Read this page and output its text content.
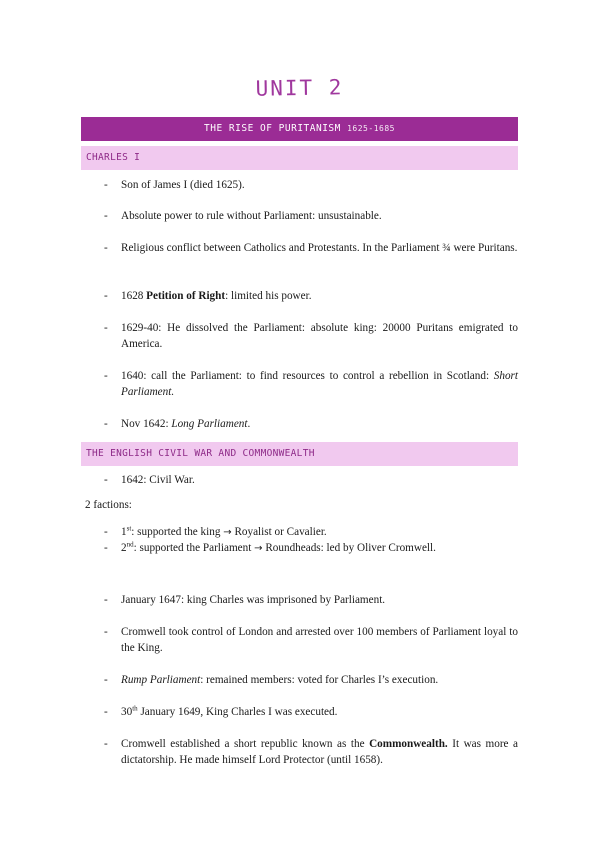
UNIT 2
THE RISE OF PURITANISM 1625-1685
CHARLES I
- Son of James I (died 1625).
- Absolute power to rule without Parliament: unsustainable.
- Religious conflict between Catholics and Protestants. In the Parliament ¾ were Puritans.
- 1628 Petition of Right: limited his power.
- 1629-40: He dissolved the Parliament: absolute king: 20000 Puritans emigrated to America.
- 1640: call the Parliament: to find resources to control a rebellion in Scotland: Short Parliament.
- Nov 1642: Long Parliament.
THE ENGLISH CIVIL WAR AND COMMONWEALTH
- 1642: Civil War.
2 factions:
- 1st: supported the king → Royalist or Cavalier.
- 2nd: supported the Parliament → Roundheads: led by Oliver Cromwell.
- January 1647: king Charles was imprisoned by Parliament.
- Cromwell took control of London and arrested over 100 members of Parliament loyal to the King.
- Rump Parliament: remained members: voted for Charles I’s execution.
- 30th January 1649, King Charles I was executed.
- Cromwell established a short republic known as the Commonwealth. It was more a dictatorship. He made himself Lord Protector (until 1658).
